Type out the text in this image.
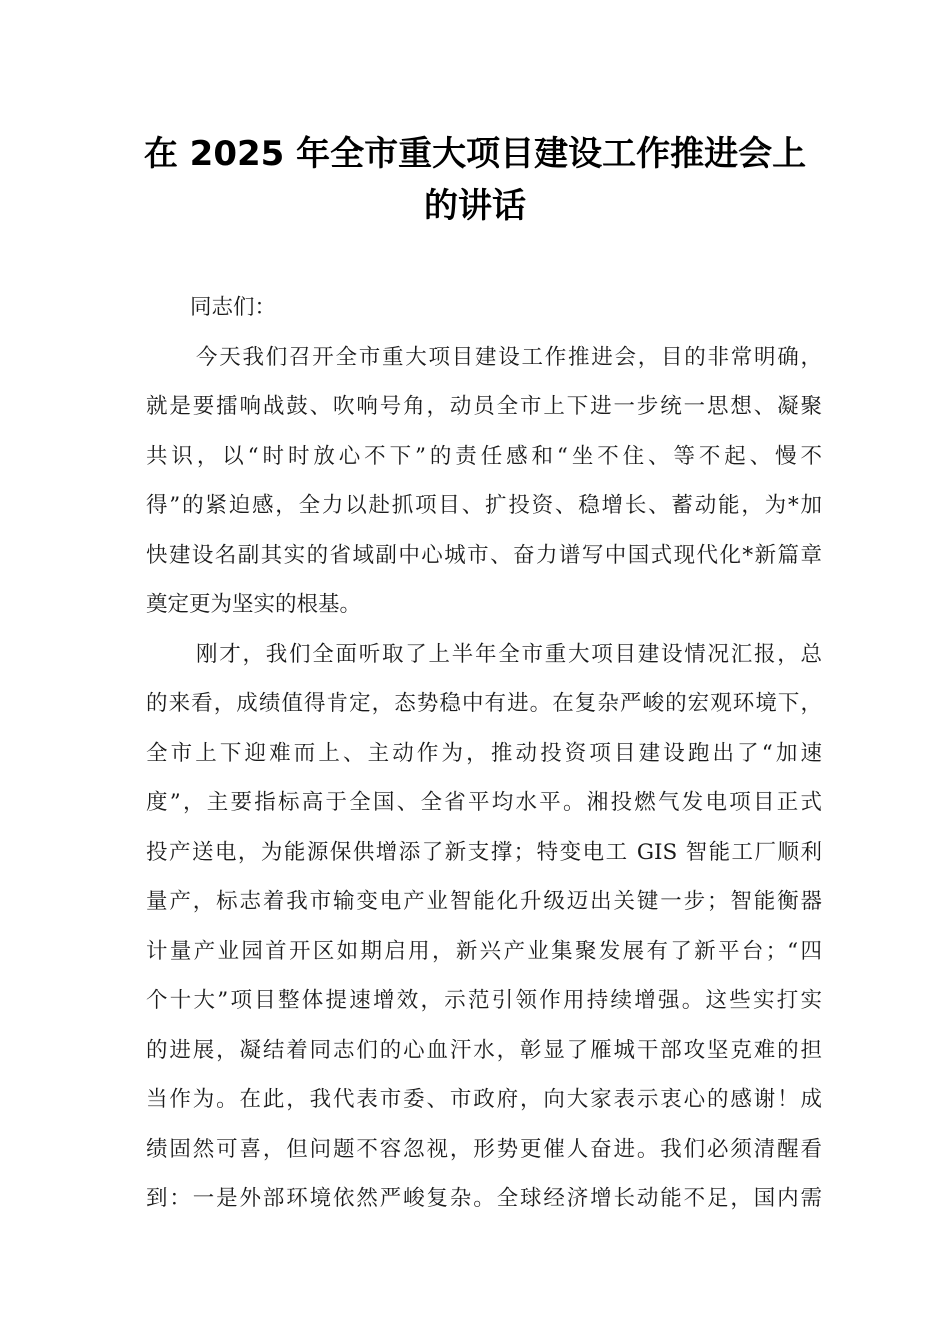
在 2025 年全市重大项目建设工作推进会上
的讲话
同志们：
今天我们召开全市重大项目建设工作推进会，目的非常明确，
就是要擂响战鼓、吹响号角，动员全市上下进一步统一思想、凝聚
共识，以“时时放心不下”的责任感和“坐不住、等不起、慢不
得”的紧迫感，全力以赴抓项目、扩投资、稳增长、蓄动能，为*加
快建设名副其实的省域副中心城市、奋力谱写中国式现代化*新篇章
奠定更为坚实的根基。
刚才，我们全面听取了上半年全市重大项目建设情况汇报，总
的来看，成绩值得肯定，态势稳中有进。在复杂严峻的宏观环境下，
全市上下迎难而上、主动作为，推动投资项目建设跑出了“加速
度”，主要指标高于全国、全省平均水平。湘投燃气发电项目正式
投产送电，为能源保供增添了新支撑；特变电工 GIS 智能工厂顺利
量产，标志着我市输变电产业智能化升级迈出关键一步；智能衡器
计量产业园首开区如期启用，新兴产业集聚发展有了新平台；“四
个十大”项目整体提速增效，示范引领作用持续增强。这些实打实
的进展，凝结着同志们的心血汗水，彰显了雁城干部攻坚克难的担
当作为。在此，我代表市委、市政府，向大家表示衷心的感谢！成
绩固然可喜，但问题不容忽视，形势更催人奋进。我们必须清醒看
到：一是外部环境依然严峻复杂。全球经济增长动能不足，国内需
